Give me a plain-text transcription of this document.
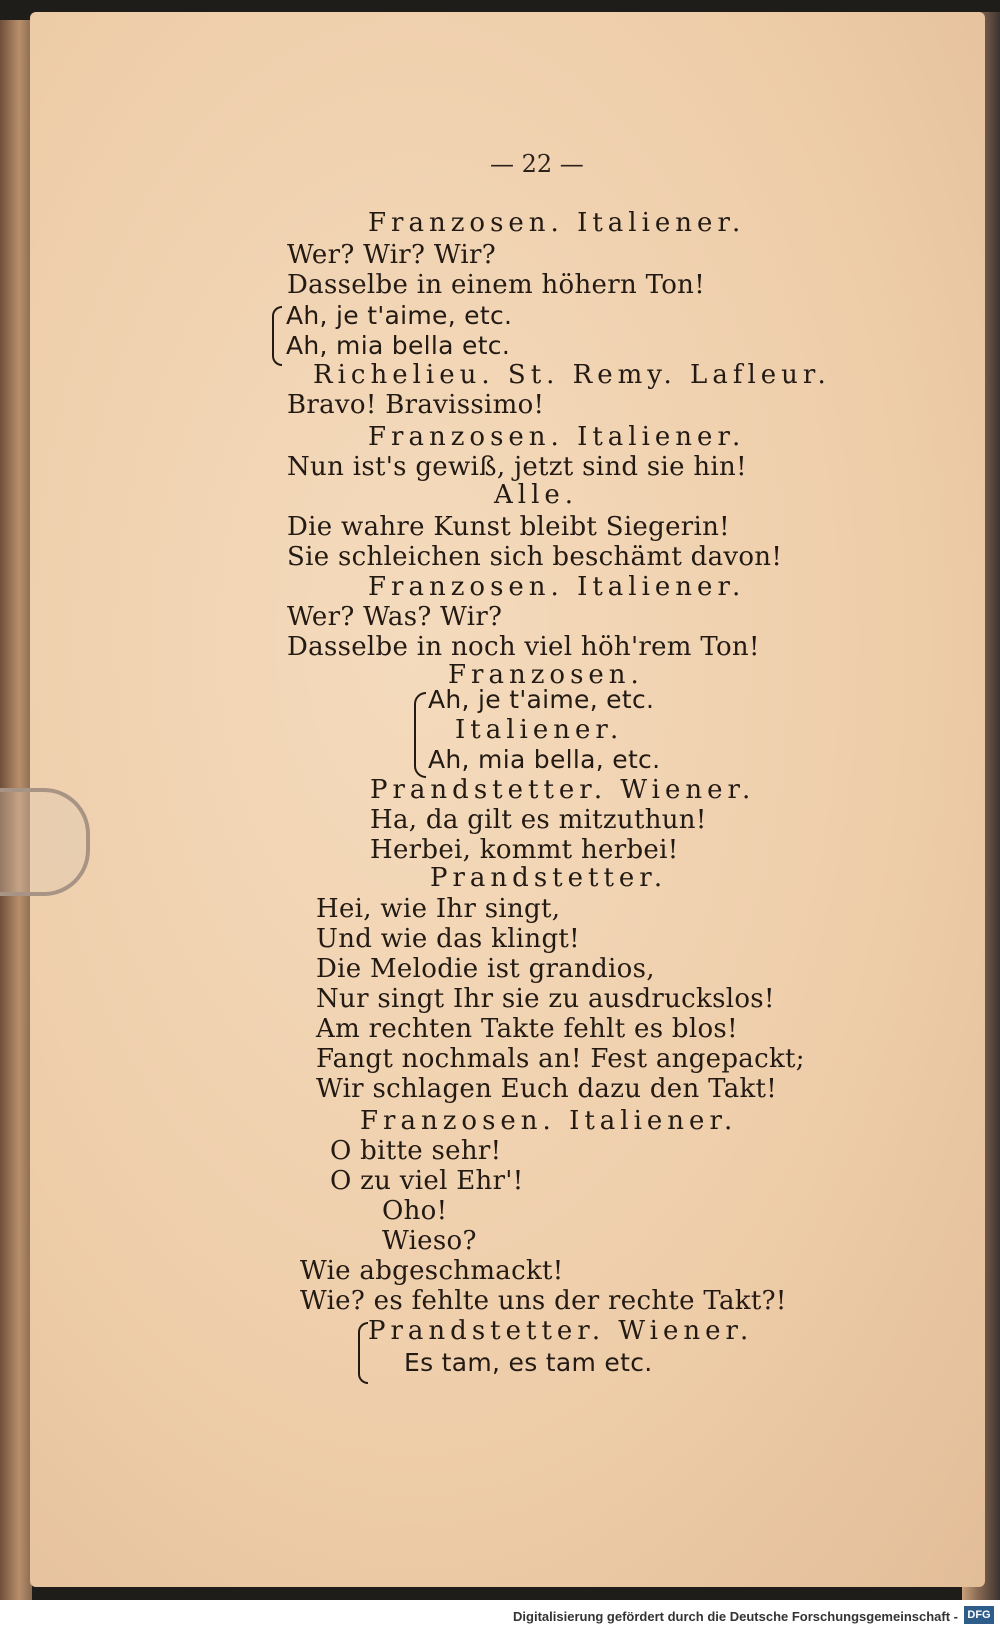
— 22 —
Franzosen. Italiener.
Wer? Wir? Wir?
Dasselbe in einem höhern Ton!
Ah, je t'aime, etc.
Ah, mia bella etc.
Richelieu. St. Remy. Lafleur.
Bravo! Bravissimo!
Franzosen. Italiener.
Nun ist's gewiß, jetzt sind sie hin!
Alle.
Die wahre Kunst bleibt Siegerin!
Sie schleichen sich beschämt davon!
Franzosen. Italiener.
Wer? Was? Wir?
Dasselbe in noch viel höh'rem Ton!
Franzosen.
Ah, je t'aime, etc.
Italiener.
Ah, mia bella, etc.
Prandstetter. Wiener.
Ha, da gilt es mitzuthun!
Herbei, kommt herbei!
Prandstetter.
Hei, wie Ihr singt,
Und wie das klingt!
Die Melodie ist grandios,
Nur singt Ihr sie zu ausdruckslos!
Am rechten Takte fehlt es blos!
Fangt nochmals an! Fest angepackt;
Wir schlagen Euch dazu den Takt!
Franzosen. Italiener.
O bitte sehr!
O zu viel Ehr'!
Oho!
Wieso?
Wie abgeschmackt!
Wie? es fehlte uns der rechte Takt?!
Prandstetter. Wiener.
Es tam, es tam etc.
Digitalisierung gefördert durch die Deutsche Forschungsgemeinschaft - DFG
